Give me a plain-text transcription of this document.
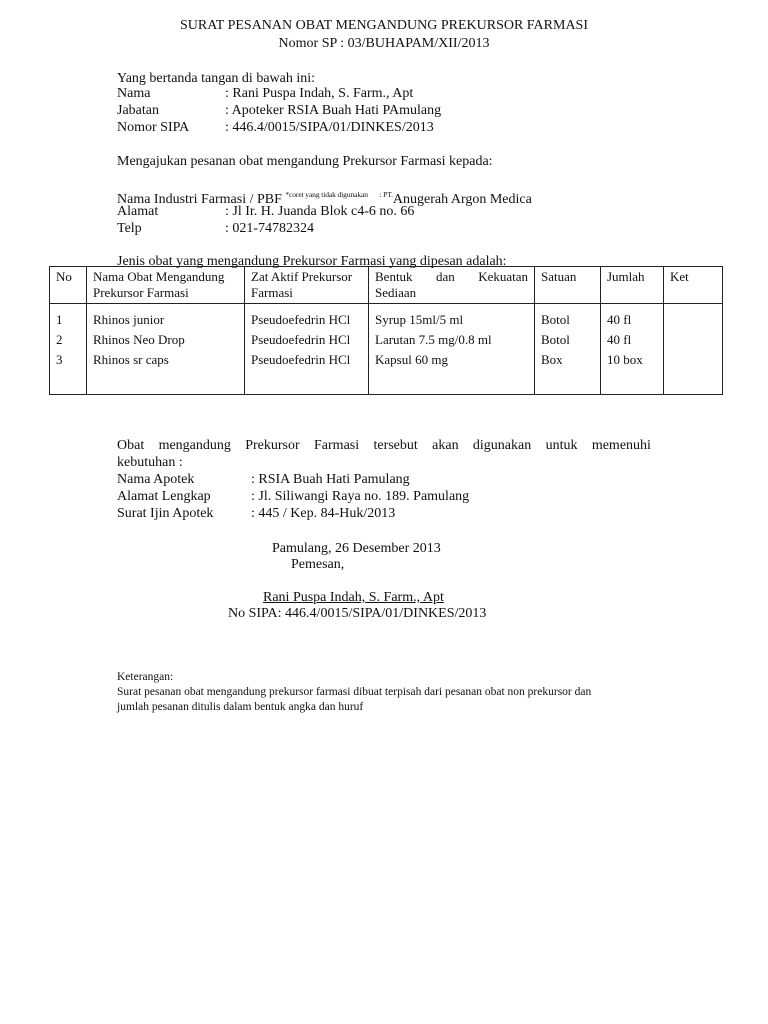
SURAT PESANAN OBAT MENGANDUNG PREKURSOR FARMASI
Nomor SP : 03/BUHAPAM/XII/2013
Yang bertanda tangan di bawah ini:
Nama	: Rani Puspa Indah, S. Farm., Apt
Jabatan	: Apoteker RSIA Buah Hati PAmulang
Nomor SIPA	: 446.4/0015/SIPA/01/DINKES/2013
Mengajukan pesanan obat mengandung Prekursor Farmasi kepada:
Nama Industri Farmasi / PBF $^{*coret yang tidak digunakan}$ $^{: PT.}$Anugerah Argon Medica
Alamat	: Jl Ir. H. Juanda Blok c4-6 no. 66
Telp	: 021-74782324
Jenis obat yang mengandung Prekursor Farmasi yang dipesan adalah:
No	Nama Obat Mengandung Prekursor Farmasi	Zat Aktif Prekursor Farmasi	Bentuk dan Kekuatan
Sediaan	Satuan	Jumlah	Ket
1	Rhinos junior	Pseudoefedrin HCl	Syrup 15ml/5 ml	Botol	40 fl	
2	Rhinos Neo Drop	Pseudoefedrin HCl	Larutan 7.5 mg/0.8 ml	Botol	40 fl	
3	Rhinos sr caps	Pseudoefedrin HCl	Kapsul 60 mg	Box	10 box	
Obat mengandung Prekursor Farmasi tersebut akan digunakan untuk memenuhi
kebutuhan :
Nama Apotek	: RSIA Buah Hati Pamulang
Alamat Lengkap	: Jl. Siliwangi Raya no. 189. Pamulang
Surat Ijin Apotek	: 445 / Kep. 84-Huk/2013
Pamulang, 26 Desember 2013
Pemesan,
Rani Puspa Indah, S. Farm., Apt
No SIPA: 446.4/0015/SIPA/01/DINKES/2013
Keterangan:
Surat pesanan obat mengandung prekursor farmasi dibuat terpisah dari pesanan obat non prekursor dan
jumlah pesanan ditulis dalam bentuk angka dan huruf
